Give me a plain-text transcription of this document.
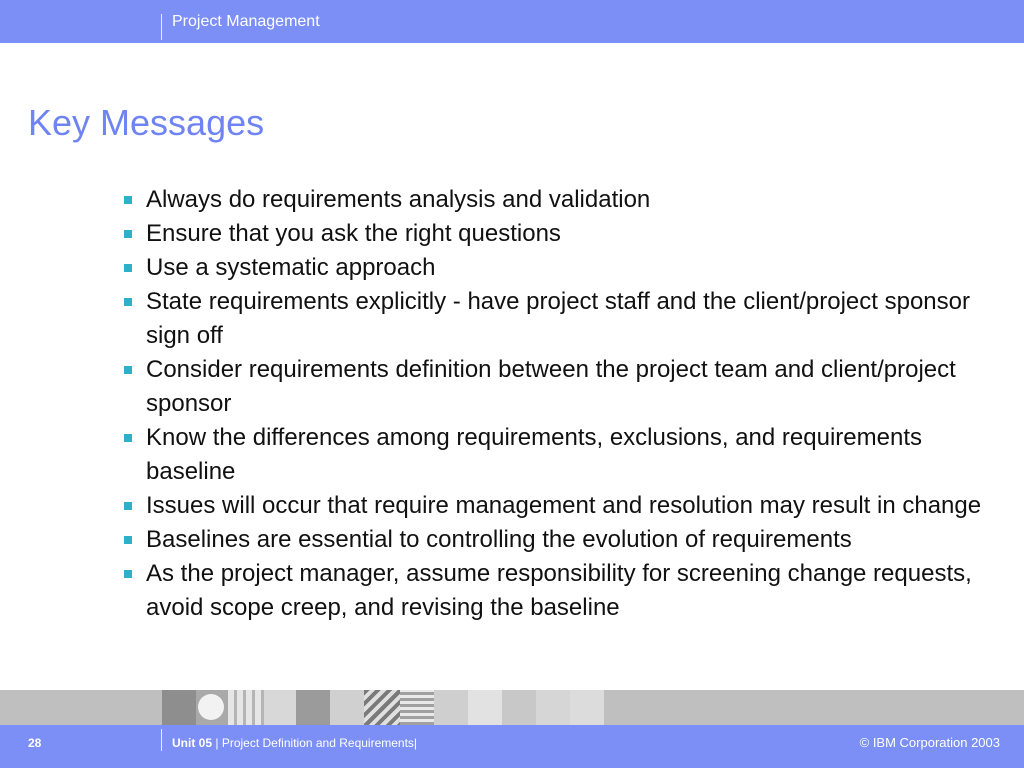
Project Management
Key Messages
Always do requirements analysis and validation
Ensure that you ask the right questions
Use a systematic approach
State requirements explicitly - have project staff and the client/project sponsor sign off
Consider requirements definition between the project team and client/project sponsor
Know the differences among requirements, exclusions, and requirements baseline
Issues will occur that require management and resolution may result in change
Baselines are essential to controlling the evolution of requirements
As the project manager, assume responsibility for screening change requests, avoid scope creep, and revising the baseline
28	Unit 05 | Project Definition and Requirements|	© IBM Corporation 2003
